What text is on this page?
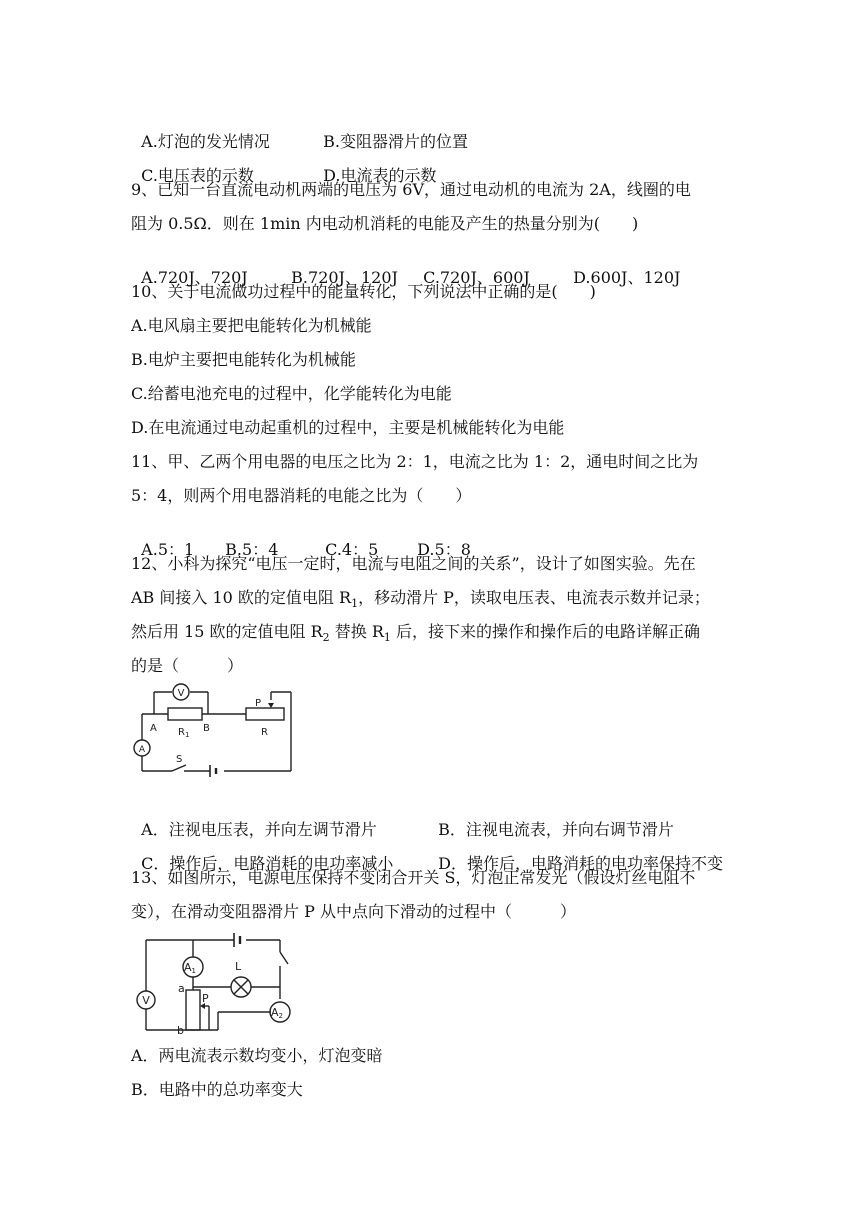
A.灯泡的发光情况	B.变阻器滑片的位置

C.电压表的示数	D.电流表的示数

9、已知一台直流电动机两端的电压为 6V，通过电动机的电流为 2A，线圈的电
阻为 0.5Ω．则在 1min 内电动机消耗的电能及产生的热量分别为(　　)

A.720J、720J	B.720J、120J C.720J、600J	D.600J、120J

10、关于电流做功过程中的能量转化，下列说法中正确的是(　　)
A.电风扇主要把电能转化为机械能
B.电炉主要把电能转化为机械能
C.给蓄电池充电的过程中，化学能转化为电能
D.在电流通过电动起重机的过程中，主要是机械能转化为电能
11、甲、乙两个用电器的电压之比为 2：1，电流之比为 1：2，通电时间之比为
5：4，则两个用电器消耗的电能之比为（　　）

A.5：1 B.5：4	C.4：5 D.5：8

12、小科为探究“电压一定时，电流与电阻之间的关系”，设计了如图实验。先在
AB 间接入 10 欧的定值电阻 $R_1$，移动滑片 P，读取电压表、电流表示数并记录；
然后用 15 欧的定值电阻 $R_2$ 替换 $R_1$ 后，接下来的操作和操作后的电路详解正确
的是（　　　）
V
A
A	B
$R_1$
P
R
S

A．注视电压表，并向左调节滑片	B．注视电流表，并向右调节滑片

C．操作后，电路消耗的电功率减小	D．操作后，电路消耗的电功率保持不变

13、如图所示，电源电压保持不变闭合开关 S，灯泡正常发光（假设灯丝电阻不
变），在滑动变阻器滑片 P 从中点向下滑动的过程中（　　　）
V
A1
A2
L
a
b
P
A．两电流表示数均变小，灯泡变暗
B．电路中的总功率变大
